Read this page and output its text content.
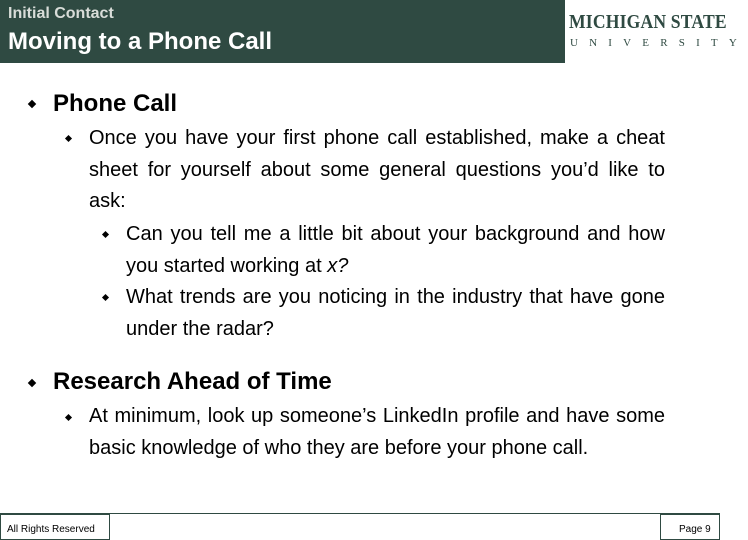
Initial Contact
Moving to a Phone Call
MICHIGAN STATE
UNIVERSITY
Phone Call
Once you have your first phone call established, make a cheat sheet for yourself about some general questions you’d like to ask:
Can you tell me a little bit about your background and how you started working at x?
What trends are you noticing in the industry that have gone under the radar?
Research Ahead of Time
At minimum, look up someone’s LinkedIn profile and have some basic knowledge of who they are before your phone call.
All Rights Reserved	Page 9
